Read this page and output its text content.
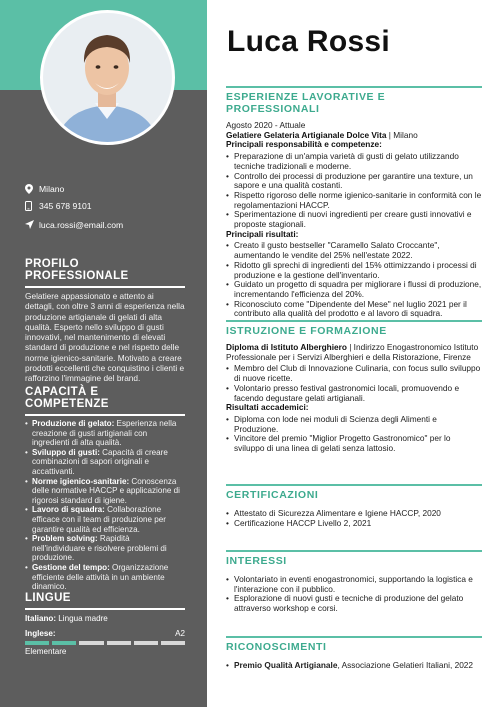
Milano
345 678 9101
luca.rossi@email.com
PROFILO PROFESSIONALE
Gelatiere appassionato e attento ai dettagli, con oltre 3 anni di esperienza nella produzione artigianale di gelati di alta qualità. Esperto nello sviluppo di gusti innovativi, nel mantenimento di elevati standard di produzione e nel rispetto delle norme igienico-sanitarie. Motivato a creare prodotti eccellenti che conquistino i clienti e rafforzino l'immagine del brand.
CAPACITÀ E COMPETENZE
• Produzione di gelato: Esperienza nella creazione di gusti artigianali con ingredienti di alta qualità.
• Sviluppo di gusti: Capacità di creare combinazioni di sapori originali e accattivanti.
• Norme igienico-sanitarie: Conoscenza delle normative HACCP e applicazione di rigorosi standard di igiene.
• Lavoro di squadra: Collaborazione efficace con il team di produzione per garantire qualità ed efficienza.
• Problem solving: Rapidità nell'individuare e risolvere problemi di produzione.
• Gestione del tempo: Organizzazione efficiente delle attività in un ambiente dinamico.
LINGUE
Italiano: Lingua madre
Inglese:	A2
Elementare
Luca Rossi
ESPERIENZE LAVORATIVE E PROFESSIONALI
Agosto 2020 - Attuale
Gelatiere Gelateria Artigianale Dolce Vita | Milano
Principali responsabilità e competenze:
• Preparazione di un'ampia varietà di gusti di gelato utilizzando tecniche tradizionali e moderne.
• Controllo dei processi di produzione per garantire una texture, un sapore e una qualità costanti.
• Rispetto rigoroso delle norme igienico-sanitarie in conformità con le regolamentazioni HACCP.
• Sperimentazione di nuovi ingredienti per creare gusti innovativi e proposte stagionali.
Principali risultati:
• Creato il gusto bestseller "Caramello Salato Croccante", aumentando le vendite del 25% nell'estate 2022.
• Ridotto gli sprechi di ingredienti del 15% ottimizzando i processi di produzione e la gestione dell'inventario.
• Guidato un progetto di squadra per migliorare i flussi di produzione, incrementando l'efficienza del 20%.
• Riconosciuto come "Dipendente del Mese" nel luglio 2021 per il contributo alla qualità del prodotto e al lavoro di squadra.
ISTRUZIONE E FORMAZIONE
Diploma di Istituto Alberghiero | Indirizzo Enogastronomico Istituto Professionale per i Servizi Alberghieri e della Ristorazione, Firenze
• Membro del Club di Innovazione Culinaria, con focus sullo sviluppo di nuove ricette.
• Volontario presso festival gastronomici locali, promuovendo e facendo degustare gelati artigianali.
Risultati accademici:
• Diploma con lode nei moduli di Scienza degli Alimenti e Produzione.
• Vincitore del premio "Miglior Progetto Gastronomico" per lo sviluppo di una linea di gelati senza lattosio.
CERTIFICAZIONI
• Attestato di Sicurezza Alimentare e Igiene HACCP, 2020
• Certificazione HACCP Livello 2, 2021
INTERESSI
• Volontariato in eventi enogastronomici, supportando la logistica e l'interazione con il pubblico.
• Esplorazione di nuovi gusti e tecniche di produzione del gelato attraverso workshop e corsi.
RICONOSCIMENTI
• Premio Qualità Artigianale, Associazione Gelatieri Italiani, 2022
